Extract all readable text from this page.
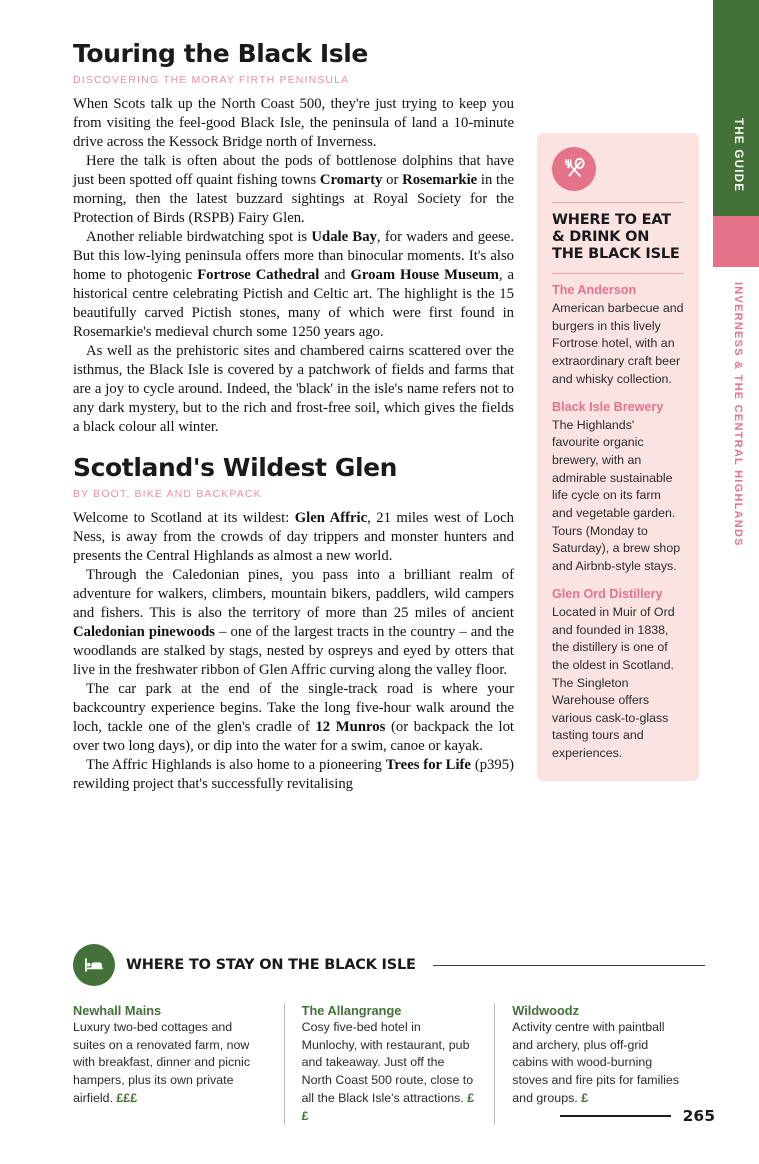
Touring the Black Isle

DISCOVERING THE MORAY FIRTH PENINSULA

When Scots talk up the North Coast 500, they're just trying to keep you from visiting the feel-good Black Isle, the peninsula of land a 10-minute drive across the Kessock Bridge north of Inverness.

Here the talk is often about the pods of bottlenose dolphins that have just been spotted off quaint fishing towns Cromarty or Rosemarkie in the morning, then the latest buzzard sightings at Royal Society for the Protection of Birds (RSPB) Fairy Glen.

Another reliable birdwatching spot is Udale Bay, for waders and geese. But this low-lying peninsula offers more than binocular moments. It's also home to photogenic Fortrose Cathedral and Groam House Museum, a historical centre celebrating Pictish and Celtic art. The highlight is the 15 beautifully carved Pictish stones, many of which were first found in Rosemarkie's medieval church some 1250 years ago.

As well as the prehistoric sites and chambered cairns scattered over the isthmus, the Black Isle is covered by a patchwork of fields and farms that are a joy to cycle around. Indeed, the 'black' in the isle's name refers not to any dark mystery, but to the rich and frost-free soil, which gives the fields a black colour all winter.

Scotland's Wildest Glen

BY BOOT, BIKE AND BACKPACK

Welcome to Scotland at its wildest: Glen Affric, 21 miles west of Loch Ness, is away from the crowds of day trippers and monster hunters and presents the Central Highlands as almost a new world.

Through the Caledonian pines, you pass into a brilliant realm of adventure for walkers, climbers, mountain bikers, paddlers, wild campers and fishers. This is also the territory of more than 25 miles of ancient Caledonian pinewoods – one of the largest tracts in the country – and the woodlands are stalked by stags, nested by ospreys and eyed by otters that live in the freshwater ribbon of Glen Affric curving along the valley floor.

The car park at the end of the single-track road is where your backcountry experience begins. Take the long five-hour walk around the loch, tackle one of the glen's cradle of 12 Munros (or backpack the lot over two long days), or dip into the water for a swim, canoe or kayak.

The Affric Highlands is also home to a pioneering Trees for Life (p395) rewilding project that's successfully revitalising

WHERE TO EAT & DRINK ON THE BLACK ISLE

The Anderson

American barbecue and burgers in this lively Fortrose hotel, with an extraordinary craft beer and whisky collection.

Black Isle Brewery

The Highlands' favourite organic brewery, with an admirable sustainable life cycle on its farm and vegetable garden. Tours (Monday to Saturday), a brew shop and Airbnb-style stays.

Glen Ord Distillery

Located in Muir of Ord and founded in 1838, the distillery is one of the oldest in Scotland. The Singleton Warehouse offers various cask-to-glass tasting tours and experiences.

WHERE TO STAY ON THE BLACK ISLE

Newhall Mains

Luxury two-bed cottages and suites on a renovated farm, now with breakfast, dinner and picnic hampers, plus its own private airfield. £££

The Allangrange

Cosy five-bed hotel in Munlochy, with restaurant, pub and takeaway. Just off the North Coast 500 route, close to all the Black Isle's attractions. ££

Wildwoodz

Activity centre with paintball and archery, plus off-grid cabins with wood-burning stoves and fire pits for families and groups. £

265
THE GUIDE
INVERNESS & THE CENTRAL HIGHLANDS
